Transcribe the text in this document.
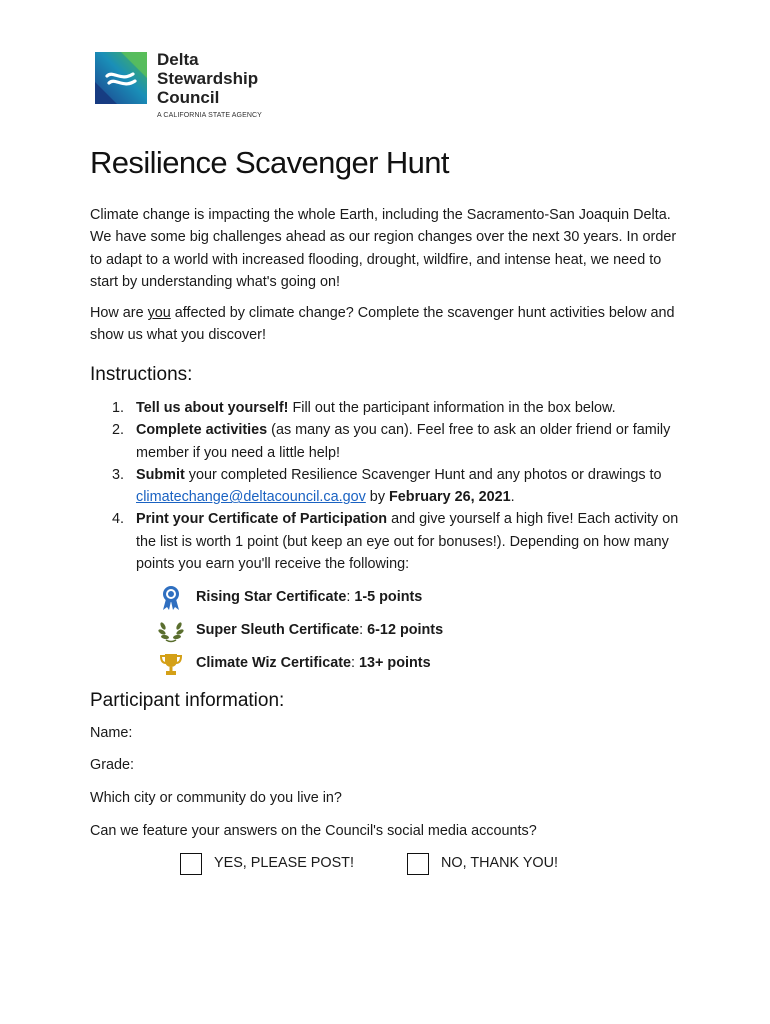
Delta
Stewardship
Council
A CALIFORNIA STATE AGENCY
Resilience Scavenger Hunt

Climate change is impacting the whole Earth, including the Sacramento-San Joaquin Delta. We have some big challenges ahead as our region changes over the next 30 years. In order to adapt to a world with increased flooding, drought, wildfire, and intense heat, we need to start by understanding what's going on!

How are you affected by climate change? Complete the scavenger hunt activities below and show us what you discover!

Instructions:
1. Tell us about yourself! Fill out the participant information in the box below.
2. Complete activities (as many as you can). Feel free to ask an older friend or family member if you need a little help!
3. Submit your completed Resilience Scavenger Hunt and any photos or drawings to climatechange@deltacouncil.ca.gov by February 26, 2021.
4. Print your Certificate of Participation and give yourself a high five! Each activity on the list is worth 1 point (but keep an eye out for bonuses!). Depending on how many points you earn you'll receive the following:
Rising Star Certificate: 1-5 points
Super Sleuth Certificate: 6-12 points
Climate Wiz Certificate: 13+ points
Participant information:
Name:
Grade:
Which city or community do you live in?
Can we feature your answers on the Council's social media accounts?
YES, PLEASE POST!	NO, THANK YOU!
